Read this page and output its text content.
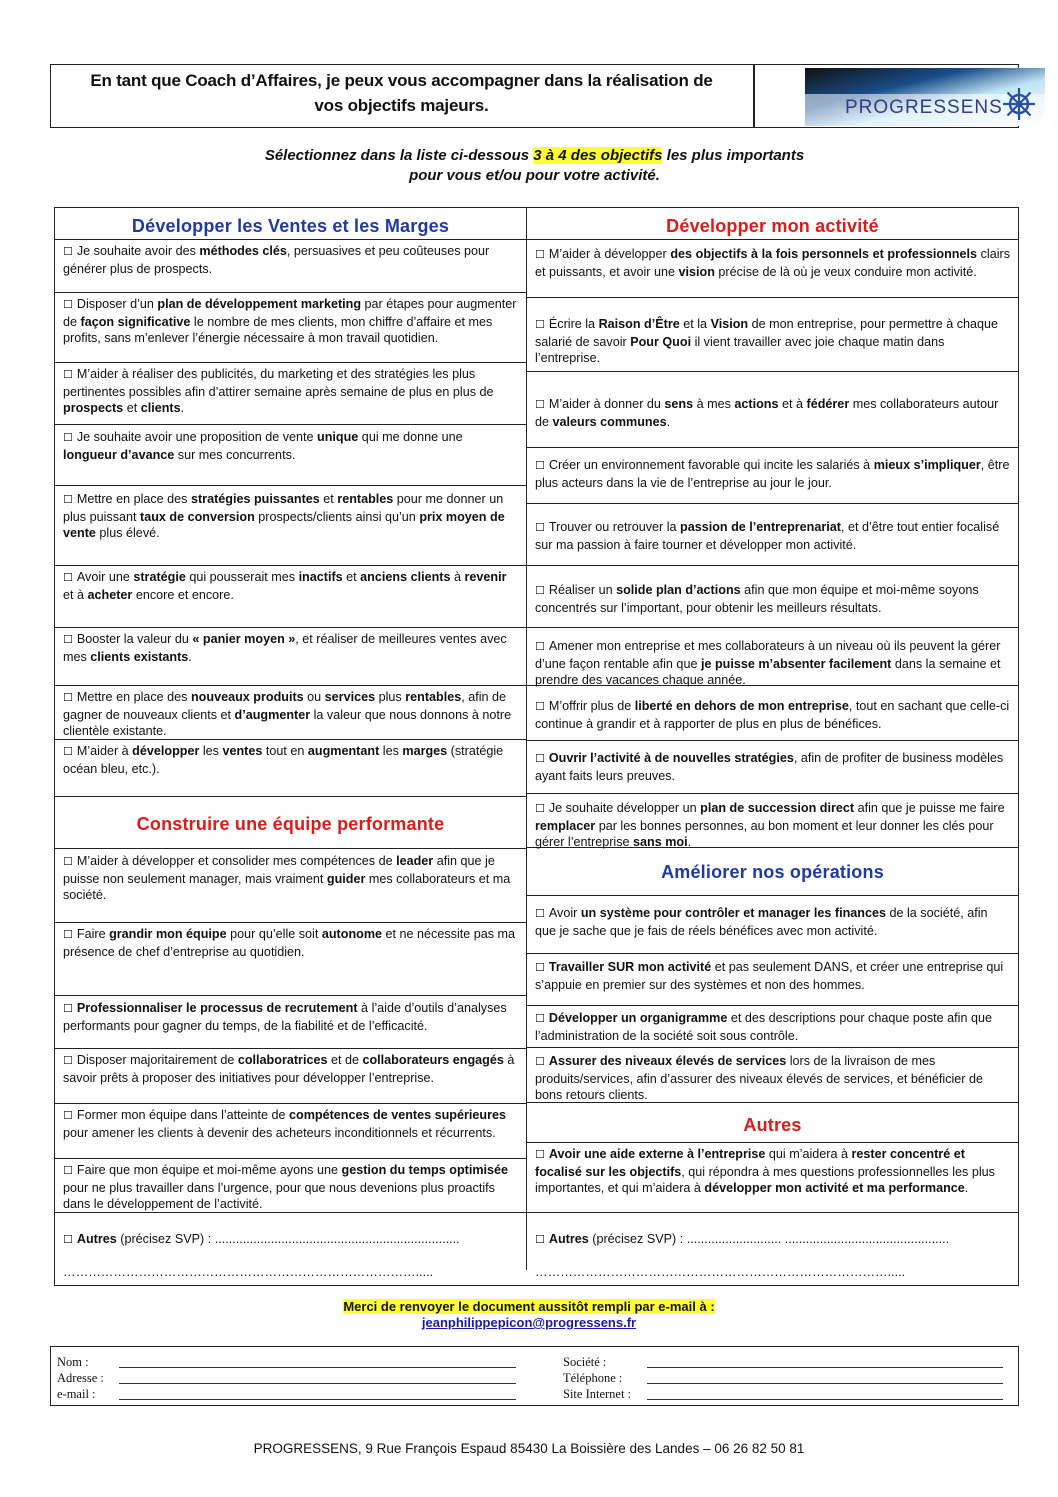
En tant que Coach d’Affaires, je peux vous accompagner dans la réalisation de
vos objectifs majeurs.	PROGRESSENS
Sélectionnez dans la liste ci-dessous 3 à 4 des objectifs les plus importants
pour vous et/ou pour votre activité.
Développer les Ventes et les Marges	Développer mon activité
Construire une équipe performante
Améliorer nos opérations
Autres
☐ Je souhaite avoir des méthodes clés, persuasives et peu coûteuses pour générer plus de prospects.
☐ Disposer d’un plan de développement marketing par étapes pour augmenter de façon significative le nombre de mes clients, mon chiffre d’affaire et mes profits, sans m’enlever l’énergie nécessaire à mon travail quotidien.
☐ M’aider à réaliser des publicités, du marketing et des stratégies les plus pertinentes possibles afin d’attirer semaine après semaine de plus en plus de prospects et clients.
☐ Je souhaite avoir une proposition de vente unique qui me donne une longueur d’avance sur mes concurrents.
☐ Mettre en place des stratégies puissantes et rentables pour me donner un plus puissant taux de conversion prospects/clients ainsi qu’un prix moyen de vente plus élevé.
☐ Avoir une stratégie qui pousserait mes inactifs et anciens clients à revenir et à acheter encore et encore.
☐ Booster la valeur du « panier moyen », et réaliser de meilleures ventes avec mes clients existants.
☐ Mettre en place des nouveaux produits ou services plus rentables, afin de gagner de nouveaux clients et d’augmenter la valeur que nous donnons à notre clientèle existante.
☐ M’aider à développer les ventes tout en augmentant les marges (stratégie océan bleu, etc.).
☐ M’aider à développer et consolider mes compétences de leader afin que je puisse non seulement manager, mais vraiment guider mes collaborateurs et ma société.
☐ Faire grandir mon équipe pour qu’elle soit autonome et ne nécessite pas ma présence de chef d’entreprise au quotidien.
☐ Professionnaliser le processus de recrutement à l’aide d’outils d’analyses performants pour gagner du temps, de la fiabilité et de l’efficacité.
☐ Disposer majoritairement de collaboratrices et de collaborateurs engagés à savoir prêts à proposer des initiatives pour développer l’entreprise.
☐ Former mon équipe dans l’atteinte de compétences de ventes supérieures pour amener les clients à devenir des acheteurs inconditionnels et récurrents.
☐ Faire que mon équipe et moi-même ayons une gestion du temps optimisée pour ne plus travailler dans l’urgence, pour que nous devenions plus proactifs dans le développement de l’activité.
☐ M’aider à développer des objectifs à la fois personnels et professionnels clairs et puissants, et avoir une vision précise de là où je veux conduire mon activité.
☐ Écrire la Raison d’Être et la Vision de mon entreprise, pour permettre à chaque salarié de savoir Pour Quoi il vient travailler avec joie chaque matin dans l’entreprise.
☐ M’aider à donner du sens à mes actions et à fédérer mes collaborateurs autour de valeurs communes.
☐ Créer un environnement favorable qui incite les salariés à mieux s’impliquer, être plus acteurs dans la vie de l’entreprise au jour le jour.
☐ Trouver ou retrouver la passion de l’entreprenariat, et d’être tout entier focalisé sur ma passion à faire tourner et développer mon activité.
☐ Réaliser un solide plan d’actions afin que mon équipe et moi-même soyons concentrés sur l’important, pour obtenir les meilleurs résultats.
☐ Amener mon entreprise et mes collaborateurs à un niveau où ils peuvent la gérer d’une façon rentable afin que je puisse m’absenter facilement dans la semaine et prendre des vacances chaque année.
☐ M’offrir plus de liberté en dehors de mon entreprise, tout en sachant que celle-ci continue à grandir et à rapporter de plus en plus de bénéfices.
☐ Ouvrir l’activité à de nouvelles stratégies, afin de profiter de business modèles ayant faits leurs preuves.
☐ Je souhaite développer un plan de succession direct afin que je puisse me faire remplacer par les bonnes personnes, au bon moment et leur donner les clés pour gérer l’entreprise sans moi.
☐ Avoir un système pour contrôler et manager les finances de la société, afin que je sache que je fais de réels bénéfices avec mon activité.
☐ Travailler SUR mon activité et pas seulement DANS, et créer une entreprise qui s’appuie en premier sur des systèmes et non des hommes.
☐ Développer un organigramme et des descriptions pour chaque poste afin que l’administration de la société soit sous contrôle.
☐ Assurer des niveaux élevés de services lors de la livraison de mes produits/services, afin d’assurer des niveaux élevés de services, et bénéficier de bons retours clients.
☐ Avoir une aide externe à l’entreprise qui m’aidera à rester concentré et focalisé sur les objectifs, qui répondra à mes questions professionnelles les plus importantes, et qui m’aidera à développer mon activité et ma performance.
☐ Autres (précisez SVP) : ......................................................................
………………………………………………………………………….....
☐ Autres (précisez SVP) : ........................... ...............................................
………………………………………………………………………….....
Merci de renvoyer le document aussitôt rempli par e-mail à :
jeanphilippepicon@progressens.fr
Nom :
Adresse :
e-mail :
Société :
Téléphone :
Site Internet :
PROGRESSENS, 9 Rue François Espaud 85430 La Boissière des Landes – 06 26 82 50 81
